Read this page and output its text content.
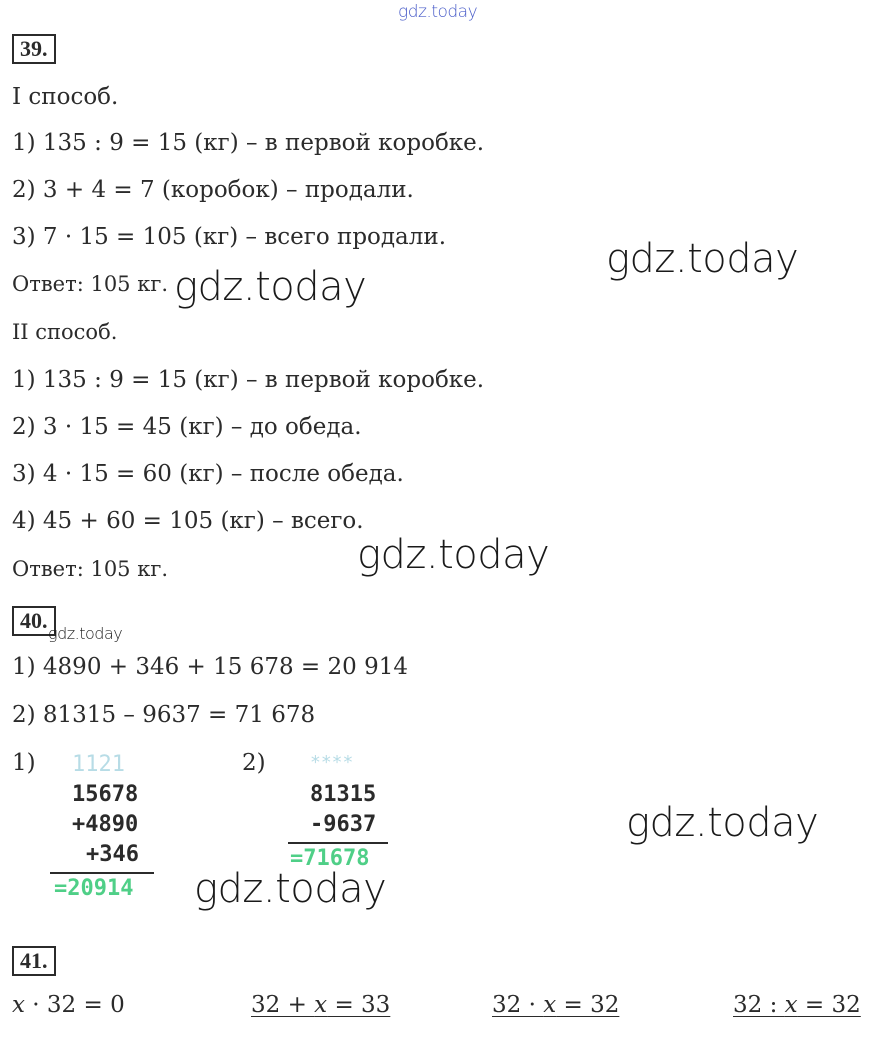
gdz.today
39.
I способ.
1) 135 : 9 = 15 (кг) – в первой коробке.
2) 3 + 4 = 7 (коробок) – продали.
3) 7 · 15 = 105 (кг) – всего продали.
Ответ: 105 кг.
II способ.
1) 135 : 9 = 15 (кг) – в первой коробке.
2) 3 · 15 = 45 (кг) – до обеда.
3) 4 · 15 = 60 (кг) – после обеда.
4) 45 + 60 = 105 (кг) – всего.
Ответ: 105 кг.
gdz.today
gdz.today
gdz.today
40.
gdz.today
1) 4890 + 346 + 15 678 = 20 914
2) 81315 – 9637 = 71 678
1) 1121
15678
+4890
+346
=20914
2) ****
81315
-9637
=71678
gdz.today
gdz.today
41.
x · 32 = 0	32 + x = 33	32 · x = 32	32 : x = 32
gdz.today
